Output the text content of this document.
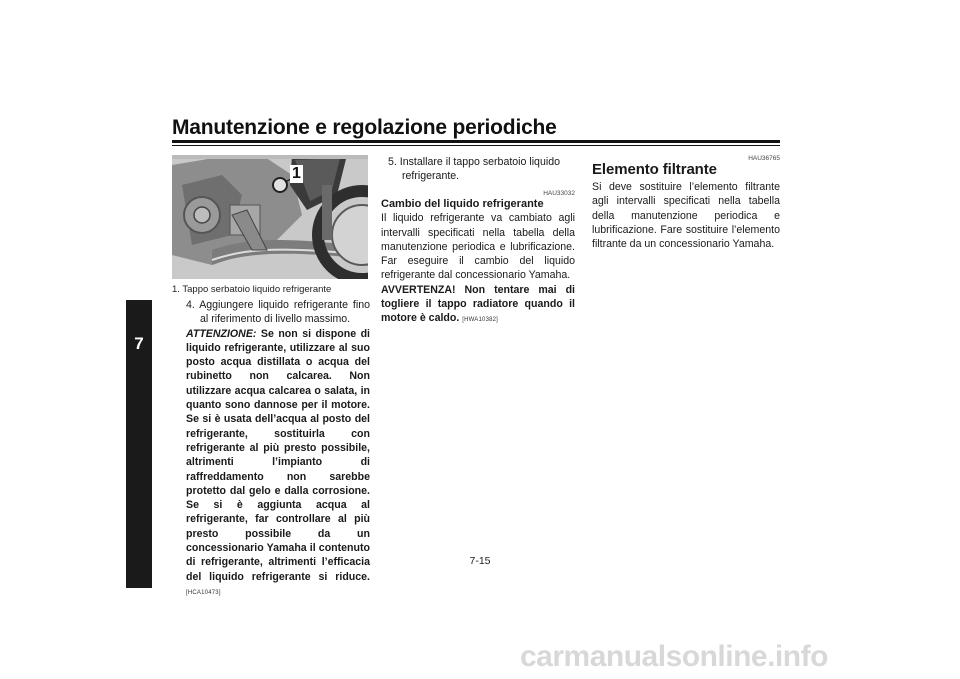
Manutenzione e regolazione periodiche
7
1
1. Tappo serbatoio liquido refrigerante
4. Aggiungere liquido refrigerante fino al riferimento di livello massimo.
ATTENZIONE: Se non si dispone di liquido refrigerante, utilizzare al suo posto acqua distillata o acqua del rubinetto non calcarea. Non utilizzare acqua calcarea o salata, in quanto sono dannose per il motore. Se si è usata dell’acqua al posto del refrigerante, sostituirla con refrigerante al più presto possibile, altrimenti l’impianto di raffreddamento non sarebbe protetto dal gelo e dalla corrosione. Se si è aggiunta acqua al refrigerante, far controllare al più presto possibile da un concessionario Yamaha il contenuto di refrigerante, altrimenti l’efficacia del liquido refrigerante si riduce. [HCA10473]
5. Installare il tappo serbatoio liquido refrigerante.
HAU33032
Cambio del liquido refrigerante
Il liquido refrigerante va cambiato agli intervalli specificati nella tabella della manutenzione periodica e lubrificazione. Far eseguire il cambio del liquido refrigerante dal concessionario Yamaha.
AVVERTENZA! Non tentare mai di togliere il tappo radiatore quando il motore è caldo. [HWA10382]
HAU36765
Elemento filtrante
Si deve sostituire l’elemento filtrante agli intervalli specificati nella tabella della manutenzione periodica e lubrificazione. Fare sostituire l’elemento filtrante da un concessionario Yamaha.
7-15
carmanualsonline.info
